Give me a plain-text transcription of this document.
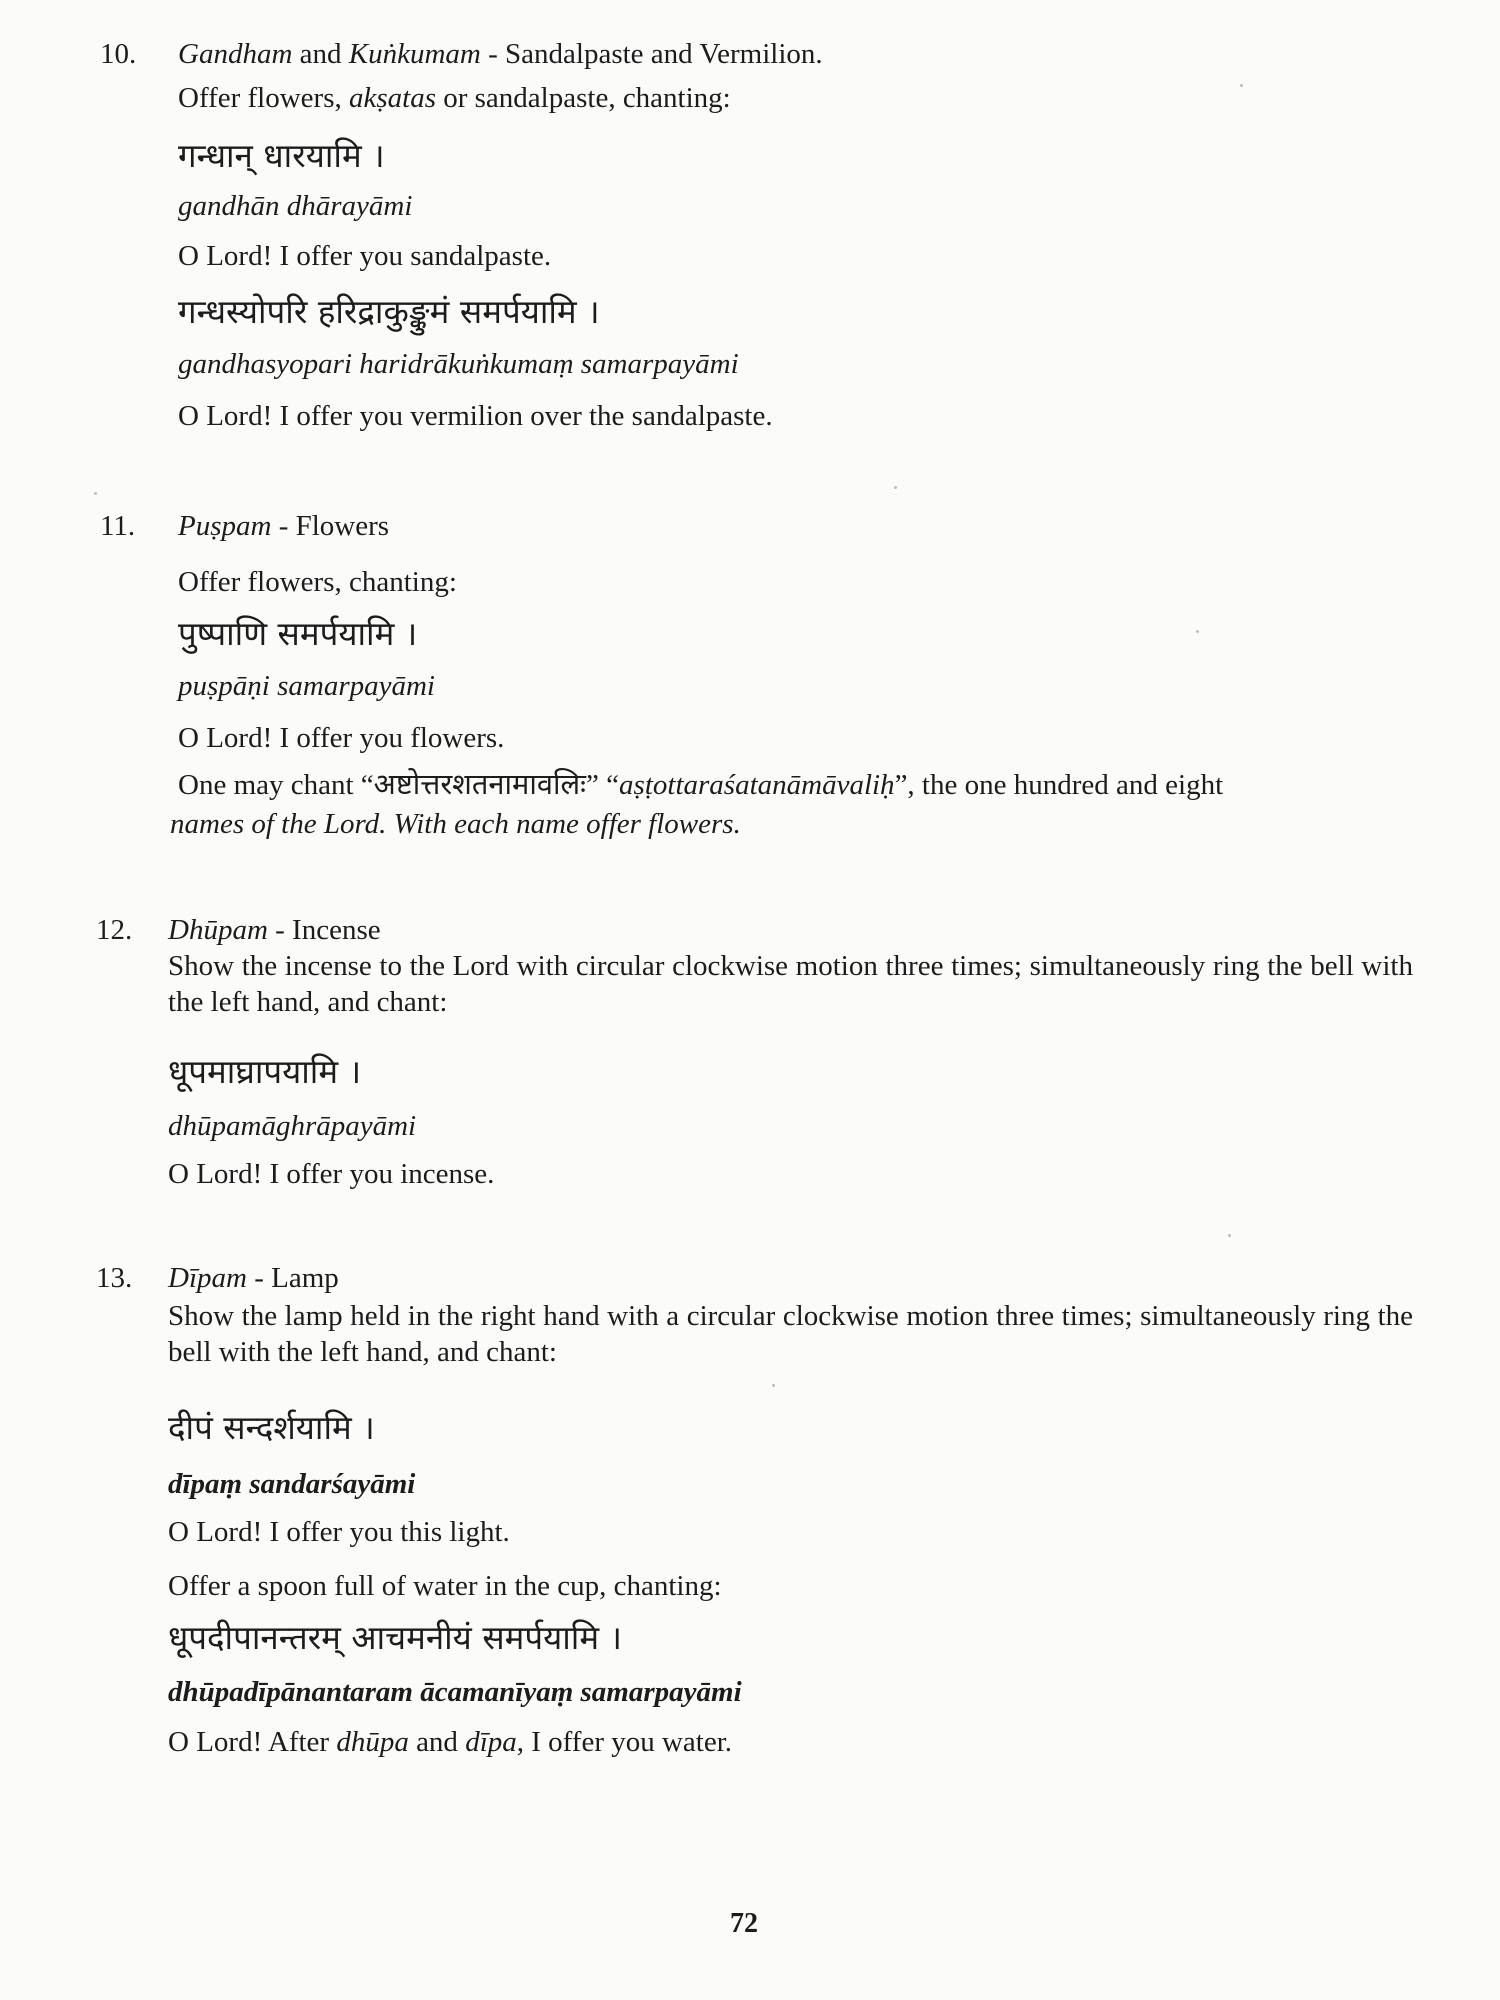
10. Gandham and Kuṅkumam - Sandalpaste and Vermilion.
Offer flowers, akṣatas or sandalpaste, chanting:
गन्धान् धारयामि ।
gandhān dhārayāmi
O Lord! I offer you sandalpaste.
गन्धस्योपरि हरिद्राकुङ्कुमं समर्पयामि ।
gandhasyopari haridrākuṅkumaṃ samarpayāmi
O Lord! I offer you vermilion over the sandalpaste.
11. Puṣpam - Flowers
Offer flowers, chanting:
पुष्पाणि समर्पयामि ।
puṣpāṇi samarpayāmi
O Lord! I offer you flowers.
One may chant “अष्टोत्तरशतनामावलिः” “aṣṭottaraśatanāmāvaliḥ”, the one hundred and eight
names of the Lord. With each name offer flowers.
12. Dhūpam - Incense
Show the incense to the Lord with circular clockwise motion three times; simultaneously ring the bell with the left hand, and chant:
धूपमाघ्रापयामि ।
dhūpamāghrāpayāmi
O Lord! I offer you incense.
13. Dīpam - Lamp
Show the lamp held in the right hand with a circular clockwise motion three times; simultaneously ring the bell with the left hand, and chant:
दीपं सन्दर्शयामि ।
dīpaṃ sandarśayāmi
O Lord! I offer you this light.
Offer a spoon full of water in the cup, chanting:
धूपदीपानन्तरम् आचमनीयं समर्पयामि ।
dhūpadīpānantaram ācamanīyaṃ samarpayāmi
O Lord! After dhūpa and dīpa, I offer you water.
72
